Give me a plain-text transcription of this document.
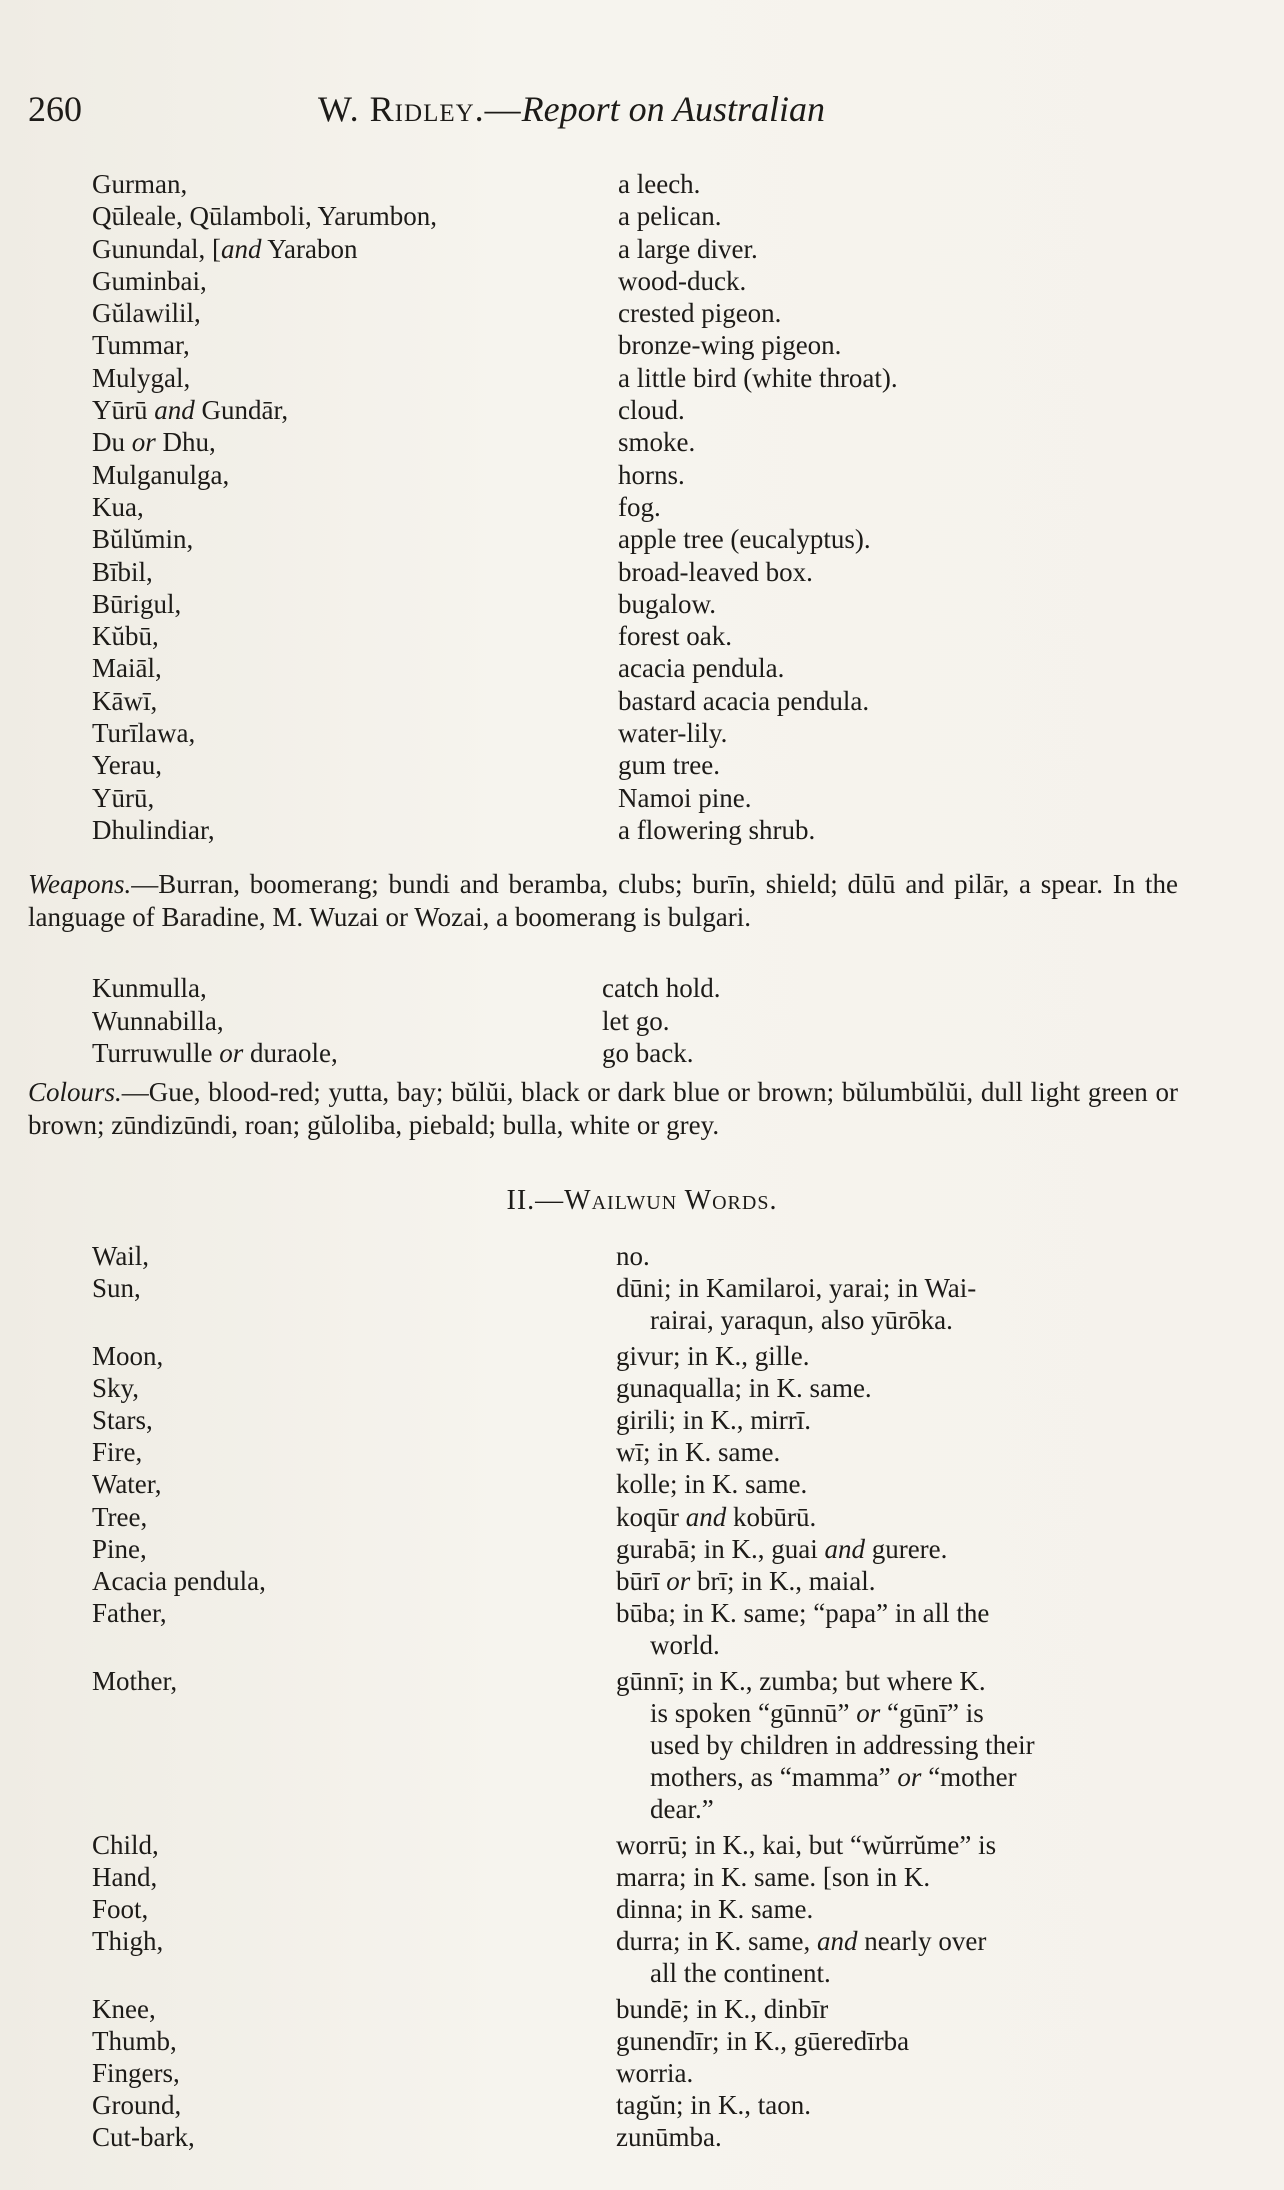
260	W. Ridley.—Report on Australian
Gurman,	a leech.
Qūleale, Qūlamboli, Yarumbon,	a pelican.
Gunundal, [and Yarabon	a large diver.
Guminbai,	wood-duck.
Gŭlawilil,	crested pigeon.
Tummar,	bronze-wing pigeon.
Mulygal,	a little bird (white throat).
Yūrū and Gundār,	cloud.
Du or Dhu,	smoke.
Mulganulga,	horns.
Kua,	fog.
Bŭlŭmin,	apple tree (eucalyptus).
Bībil,	broad-leaved box.
Būrigul,	bugalow.
Kŭbū,	forest oak.
Maiāl,	acacia pendula.
Kāwī,	bastard acacia pendula.
Turīlawa,	water-lily.
Yerau,	gum tree.
Yūrū,	Namoi pine.
Dhulindiar,	a flowering shrub.
Weapons.—Burran, boomerang; bundi and beramba, clubs; burīn, shield; dūlū and pilār, a spear. In the language of Baradine, M. Wuzai or Wozai, a boomerang is bulgari.
Kunmulla,	catch hold.
Wunnabilla,	let go.
Turruwulle or duraole,	go back.
Colours.—Gue, blood-red; yutta, bay; bŭlŭi, black or dark blue or brown; bŭlumbŭlŭi, dull light green or brown; zūndizūndi, roan; gŭloliba, piebald; bulla, white or grey.
II.—Wailwun Words.
Wail,	no.
Sun,	dūni; in Kamilaroi, yarai; in Wai-
rairai, yaraqun, also yūrōka.
Moon,	givur; in K., gille.
Sky,	gunaqualla; in K. same.
Stars,	girili; in K., mirrī.
Fire,	wī; in K. same.
Water,	kolle; in K. same.
Tree,	koqūr and kobūrū.
Pine,	gurabā; in K., guai and gurere.
Acacia pendula,	būrī or brī; in K., maial.
Father,	būba; in K. same; “papa” in all the
world.
Mother,	gūnnī; in K., zumba; but where K.
is spoken “gūnnū” or “gūnī” is
used by children in addressing their
mothers, as “mamma” or “mother
dear.”
Child,	worrū; in K., kai, but “wŭrrŭme” is
Hand,	marra; in K. same. [son in K.
Foot,	dinna; in K. same.
Thigh,	durra; in K. same, and nearly over
all the continent.
Knee,	bundē; in K., dinbīr
Thumb,	gunendīr; in K., gūeredīrba
Fingers,	worria.
Ground,	tagŭn; in K., taon.
Cut-bark,	zunūmba.
